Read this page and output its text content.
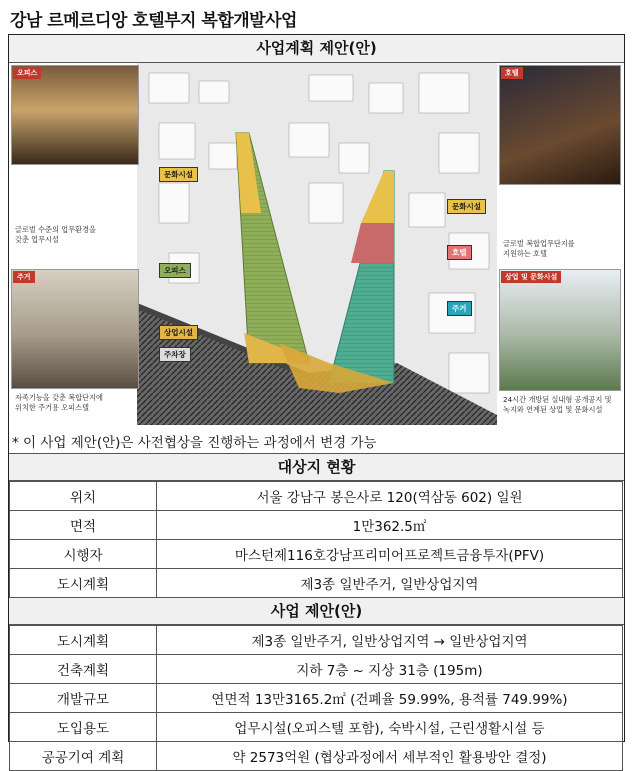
강남 르메르디앙 호텔부지 복합개발사업
사업계획 제안(안)
오피스
글로벌 수준의 업무환경을
갖춘 업무시설
주거
자족기능을 갖춘 복합단지에
위치한 주거용 오피스텔
호텔
글로벌 복합업무단지를
지원하는 호텔
상업 및 문화시설
24시간 개방된 실내형 공개공지 및
녹지와 연계된 상업 및 문화시설
문화시설
오피스
상업시설
주차장
문화시설
호텔
주거
* 이 사업 제안(안)은 사전협상을 진행하는 과정에서 변경 가능
대상지 현황
위치	서울 강남구 봉은사로 120(역삼동 602) 일원
면적	1만362.5㎡
시행자	마스턴제116호강남프리미어프로젝트금융투자(PFV)
도시계획	제3종 일반주거, 일반상업지역
사업 제안(안)
도시계획	제3종 일반주거, 일반상업지역 → 일반상업지역
건축계획	지하 7층 ~ 지상 31층 (195m)
개발규모	연면적 13만3165.2㎡ (건폐율 59.99%, 용적률 749.99%)
도입용도	업무시설(오피스텔 포함), 숙박시설, 근린생활시설 등
공공기여 계획	약 2573억원 (협상과정에서 세부적인 활용방안 결정)
